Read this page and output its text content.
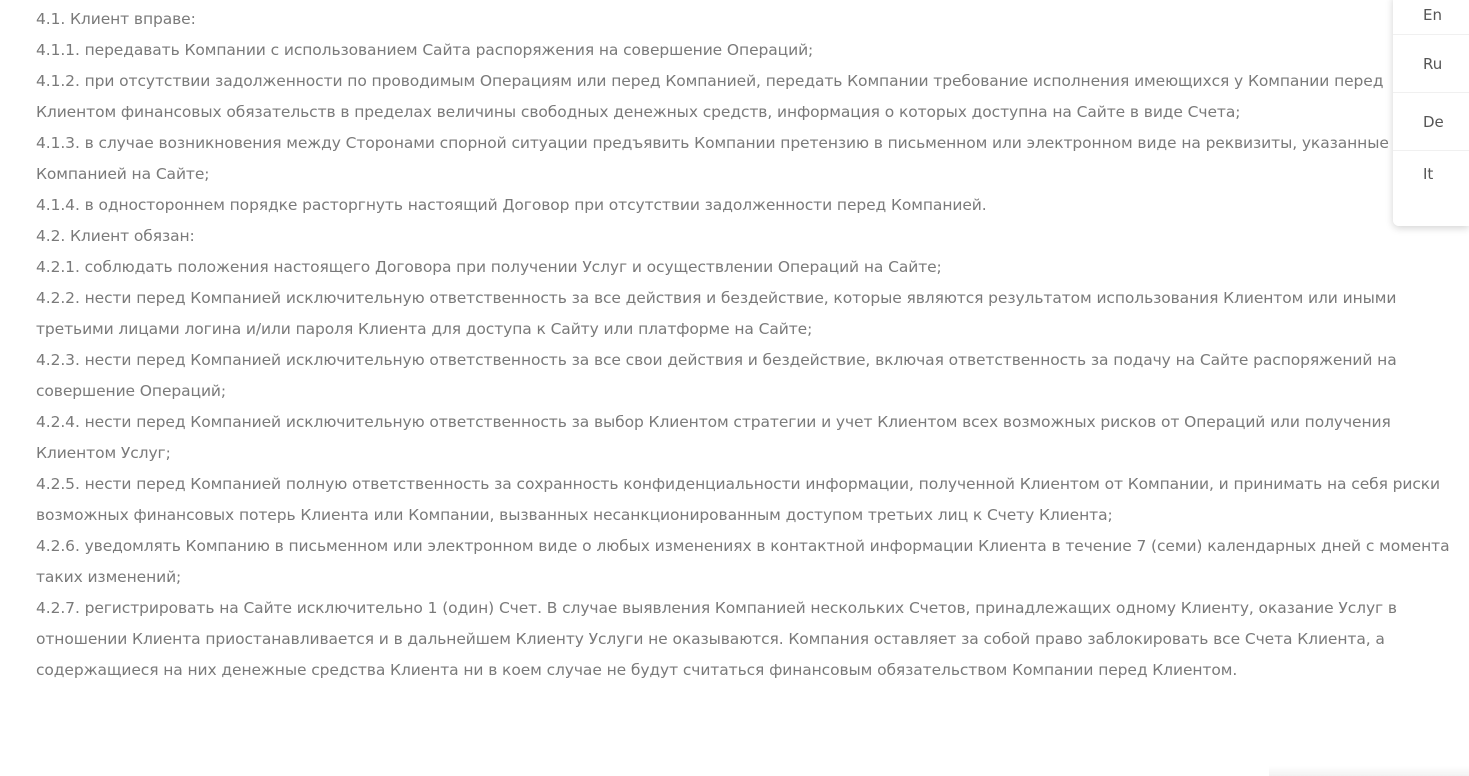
4.1. Клиент вправе:

4.1.1. передавать Компании с использованием Сайта распоряжения на совершение Операций;

4.1.2. при отсутствии задолженности по проводимым Операциям или перед Компанией, передать Компании требование исполнения имеющихся у Компании перед Клиентом финансовых обязательств в пределах величины свободных денежных средств, информация о которых доступна на Сайте в виде Счета;

4.1.3. в случае возникновения между Сторонами спорной ситуации предъявить Компании претензию в письменном или электронном виде на реквизиты, указанные Компанией на Сайте;

4.1.4. в одностороннем порядке расторгнуть настоящий Договор при отсутствии задолженности перед Компанией.

4.2. Клиент обязан:

4.2.1. соблюдать положения настоящего Договора при получении Услуг и осуществлении Операций на Сайте;

4.2.2. нести перед Компанией исключительную ответственность за все действия и бездействие, которые являются результатом использования Клиентом или иными третьими лицами логина и/или пароля Клиента для доступа к Сайту или платформе на Сайте;

4.2.3. нести перед Компанией исключительную ответственность за все свои действия и бездействие, включая ответственность за подачу на Сайте распоряжений на совершение Операций;

4.2.4. нести перед Компанией исключительную ответственность за выбор Клиентом стратегии и учет Клиентом всех возможных рисков от Операций или получения Клиентом Услуг;

4.2.5. нести перед Компанией полную ответственность за сохранность конфиденциальности информации, полученной Клиентом от Компании, и принимать на себя риски возможных финансовых потерь Клиента или Компании, вызванных несанкционированным доступом третьих лиц к Счету Клиента;

4.2.6. уведомлять Компанию в письменном или электронном виде о любых изменениях в контактной информации Клиента в течение 7 (семи) календарных дней с момента таких изменений;

4.2.7. регистрировать на Сайте исключительно 1 (один) Счет. В случае выявления Компанией нескольких Счетов, принадлежащих одному Клиенту, оказание Услуг в отношении Клиента приостанавливается и в дальнейшем Клиенту Услуги не оказываются. Компания оставляет за собой право заблокировать все Счета Клиента, а содержащиеся на них денежные средства Клиента ни в коем случае не будут считаться финансовым обязательством Компании перед Клиентом.

En
Ru
De
It
